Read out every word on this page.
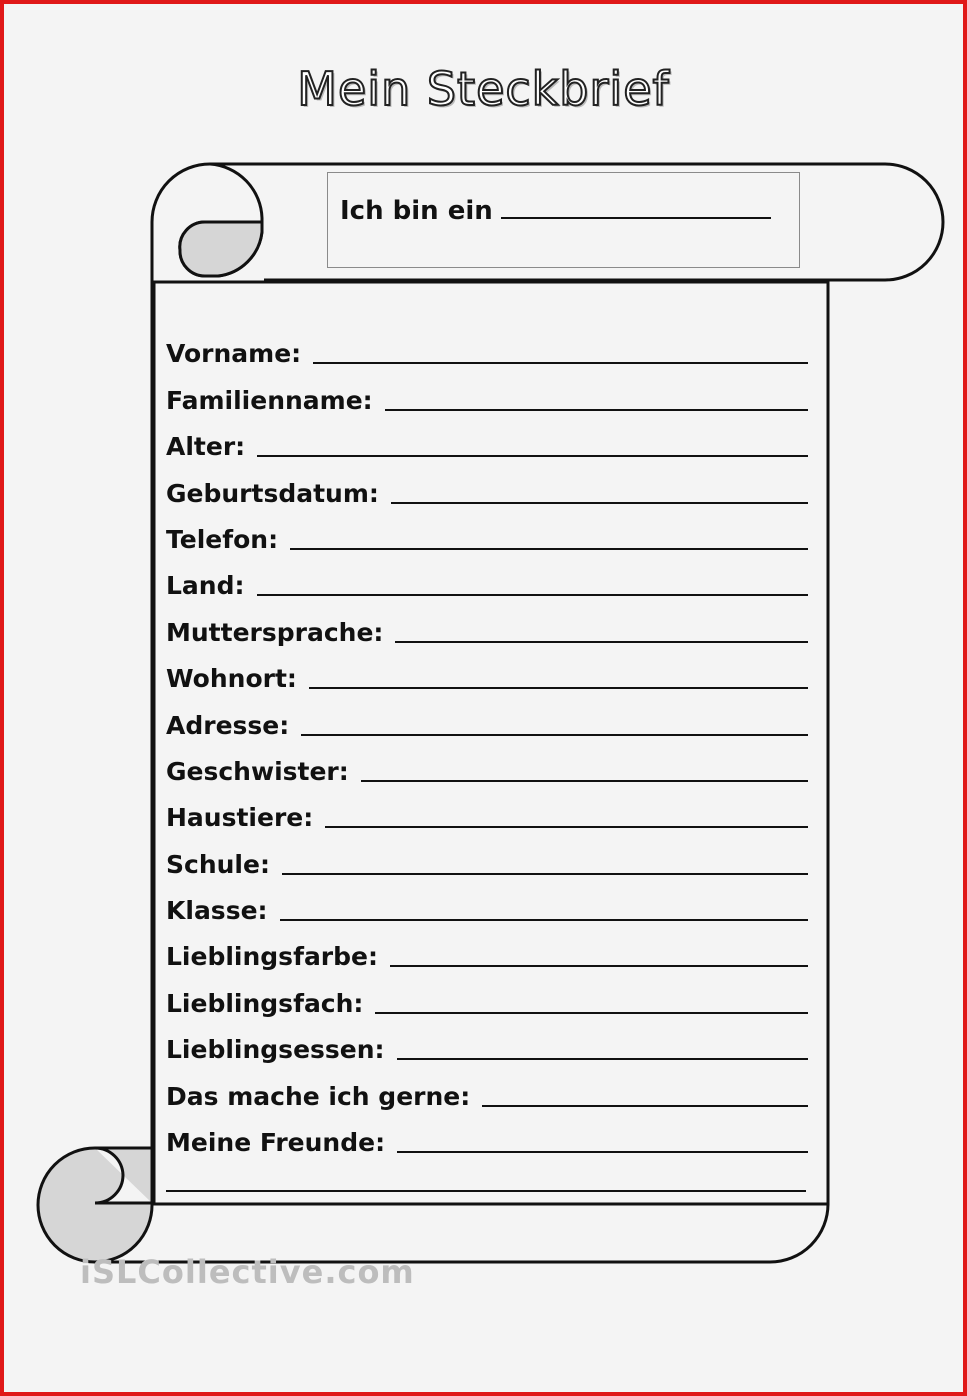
Mein Steckbrief
Ich bin ein
Vorname:
Familienname:
Alter:
Geburtsdatum:
Telefon:
Land:
Muttersprache:
Wohnort:
Adresse:
Geschwister:
Haustiere:
Schule:
Klasse:
Lieblingsfarbe:
Lieblingsfach:
Lieblingsessen:
Das mache ich gerne:
Meine Freunde:
iSLCollective.com
